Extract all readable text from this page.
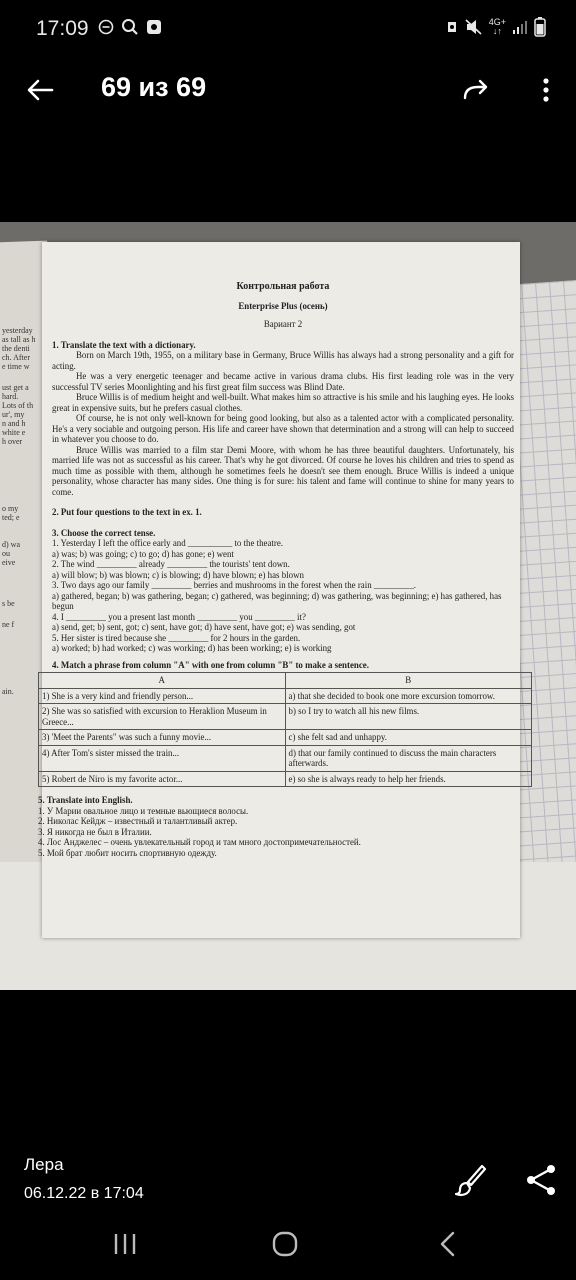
17:09	4G+
↓↑
69 из 69
yesterday
as tall as h
the denti
ch. After
e time w
ust get a
hard.
Lots of th
ur', my
n and h
white e
h over
o my
ted; e
d) wa
ou
eive
s be
ne f
ain.
Контрольная работа
Enterprise Plus (осень)
Вариант 2
1. Translate the text with a dictionary.
Born on March 19th, 1955, on a military base in Germany, Bruce Willis has always had a strong personality and a gift for acting.
He was a very energetic teenager and became active in various drama clubs. His first leading role was in the very successful TV series Moonlighting and his first great film success was Blind Date.
Bruce Willis is of medium height and well-built. What makes him so attractive is his smile and his laughing eyes. He looks great in expensive suits, but he prefers casual clothes.
Of course, he is not only well-known for being good looking, but also as a talented actor with a complicated personality. He's a very sociable and outgoing person. His life and career have shown that determination and a strong will can help to succeed in whatever you choose to do.
Bruce Willis was married to a film star Demi Moore, with whom he has three beautiful daughters. Unfortunately, his married life was not as successful as his career. That's why he got divorced. Of course he loves his children and tries to spend as much time as possible with them, although he sometimes feels he doesn't see them enough. Bruce Willis is indeed a unique personality, whose character has many sides. One thing is for sure: his talent and fame will continue to shine for many years to come.
2. Put four questions to the text in ex. 1.
3. Choose the correct tense.
1. Yesterday I left the office early and __________ to the theatre.
a) was; b) was going; c) to go; d) has gone; e) went
2. The wind _________ already _________ the tourists' tent down.
a) will blow; b) was blown; c) is blowing; d) have blown; e) has blown
3. Two days ago our family _________ berries and mushrooms in the forest when the rain _________.
a) gathered, began; b) was gathering, began; c) gathered, was beginning; d) was gathering, was beginning; e) has gathered, has begun
4. I _________ you a present last month _________ you _________ it?
a) send, get; b) sent, got; c) sent, have got; d) have sent, have got; e) was sending, got
5. Her sister is tired because she _________ for 2 hours in the garden.
a) worked; b) had worked; c) was working; d) has been working; e) is working
4. Match a phrase from column "A" with one from column "B" to make a sentence.
A	B
1) She is a very kind and friendly person...	a) that she decided to book one more excursion tomorrow.
2) She was so satisfied with excursion to Heraklion Museum in Greece...	b) so I try to watch all his new films.
3) 'Meet the Parents" was such a funny movie...	c) she felt sad and unhappy.
4) After Tom's sister missed the train...	d) that our family continued to discuss the main characters afterwards.
5) Robert de Niro is my favorite actor...	e) so she is always ready to help her friends.
5. Translate into English.
1. У Марии овальное лицо и темные вьющиеся волосы.
2. Николас Кейдж – известный и талантливый актер.
3. Я никогда не был в Италии.
4. Лос Анджелес – очень увлекательный город и там много достопримечательностей.
5. Мой брат любит носить спортивную одежду.
Лера
06.12.22 в 17:04
